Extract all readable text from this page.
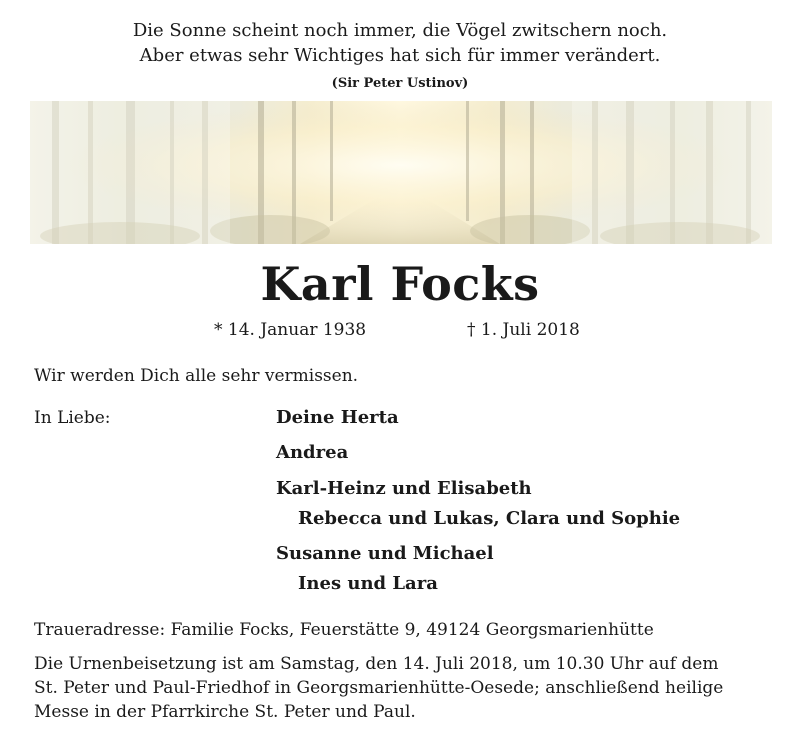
Die Sonne scheint noch immer, die Vögel zwitschern noch.
Aber etwas sehr Wichtiges hat sich für immer verändert.
(Sir Peter Ustinov)
Karl Focks
* 14. Januar 1938	† 1. Juli 2018
Wir werden Dich alle sehr vermissen.
In Liebe:	Deine Herta
Andrea
Karl-Heinz und Elisabeth
Rebecca und Lukas, Clara und Sophie
Susanne und Michael
Ines und Lara
Traueradresse: Familie Focks, Feuerstätte 9, 49124 Georgsmarienhütte
Die Urnenbeisetzung ist am Samstag, den 14. Juli 2018, um 10.30 Uhr auf dem
St. Peter und Paul-Friedhof in Georgsmarienhütte-Oesede; anschließend heilige
Messe in der Pfarrkirche St. Peter und Paul.
